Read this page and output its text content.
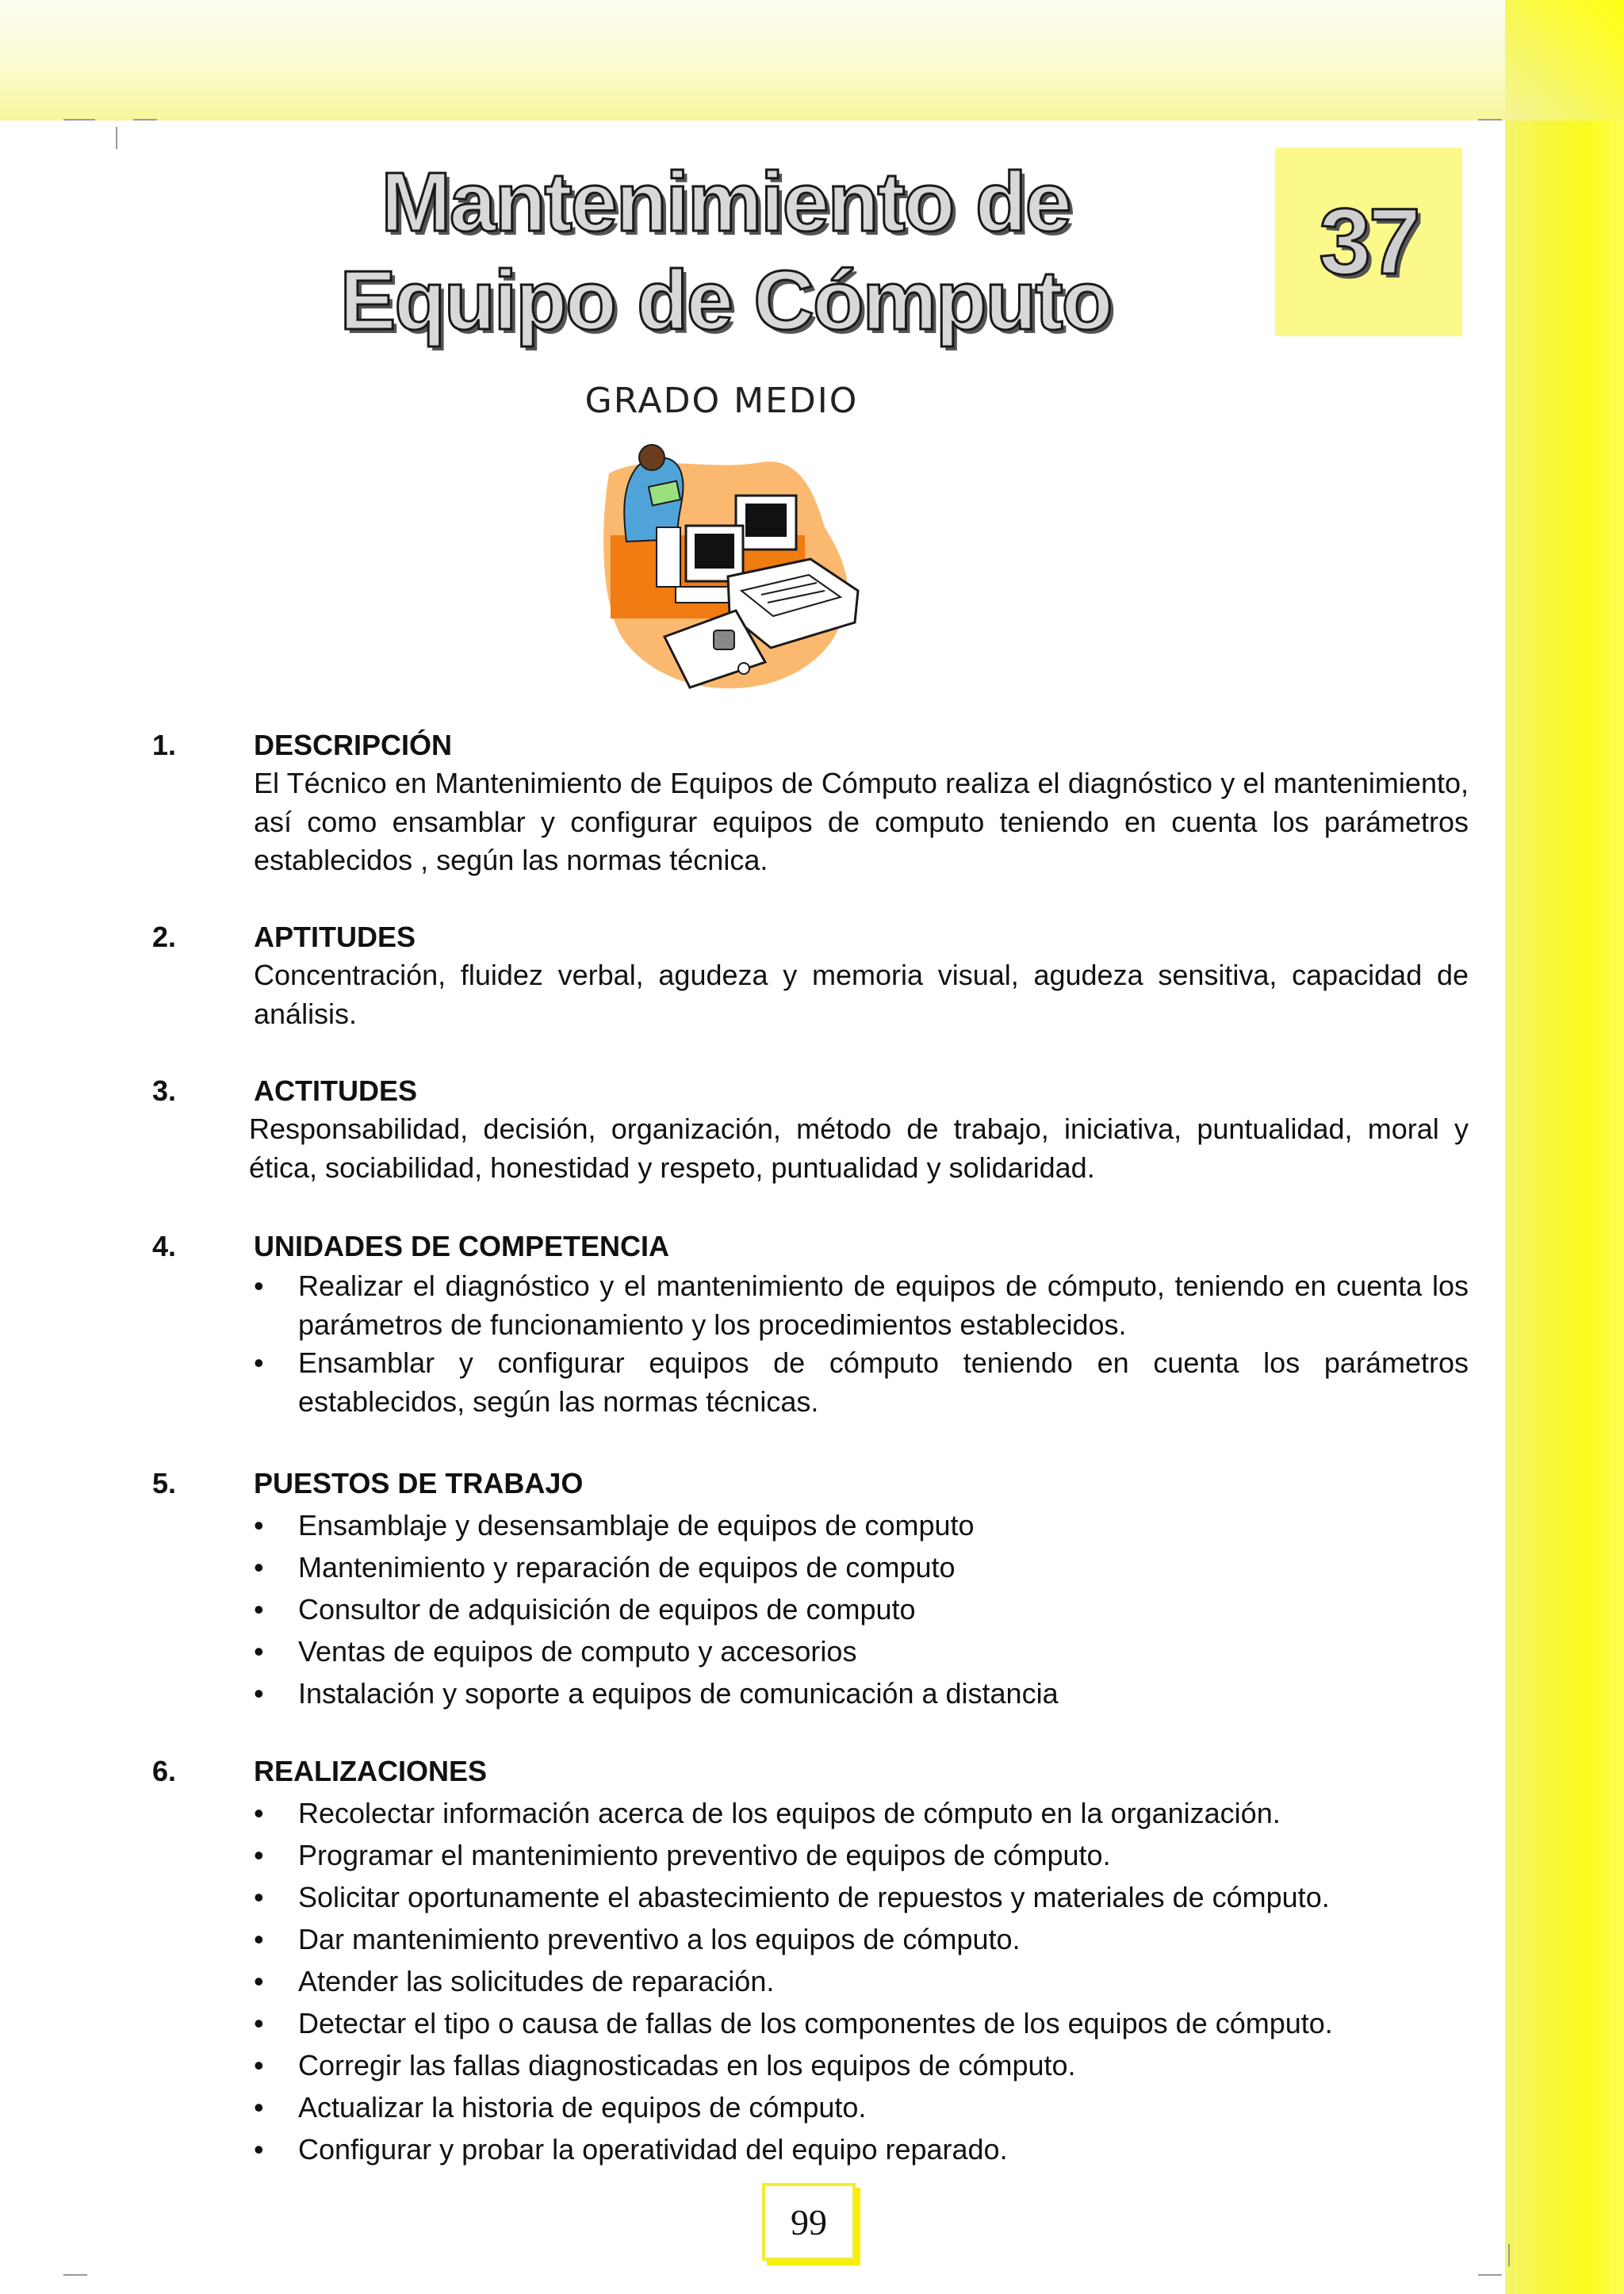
Mantenimiento de
Equipo de Cómputo
37
GRADO MEDIO
1.	DESCRIPCIÓN

El Técnico en Mantenimiento de Equipos de Cómputo realiza el diagnóstico y el mantenimiento, así como ensamblar y configurar equipos de computo teniendo en cuenta los parámetros establecidos , según las normas técnica.

2.	APTITUDES

Concentración, fluidez verbal, agudeza y memoria visual, agudeza sensitiva, capacidad de análisis.

3.	ACTITUDES

Responsabilidad, decisión, organización, método de trabajo, iniciativa, puntualidad, moral y ética, sociabilidad, honestidad y respeto, puntualidad y solidaridad.

4.	UNIDADES DE COMPETENCIA
• Realizar el diagnóstico y el mantenimiento de equipos de cómputo, teniendo en cuenta los parámetros de funcionamiento y los procedimientos establecidos.
• Ensamblar y configurar equipos de cómputo teniendo en cuenta los parámetros establecidos, según las normas técnicas.
5.	PUESTOS DE TRABAJO
• Ensamblaje y desensamblaje de equipos de computo
• Mantenimiento y reparación de equipos de computo
• Consultor de adquisición de equipos de computo
• Ventas de equipos de computo y accesorios
• Instalación y soporte a equipos de comunicación a distancia
6.	REALIZACIONES
• Recolectar información acerca de los equipos de cómputo en la organización.
• Programar el mantenimiento preventivo de equipos de cómputo.
• Solicitar oportunamente el abastecimiento de repuestos y materiales de cómputo.
• Dar mantenimiento preventivo a los equipos de cómputo.
• Atender las solicitudes de reparación.
• Detectar el tipo o causa de fallas de los componentes de los equipos de cómputo.
• Corregir las fallas diagnosticadas en los equipos de cómputo.
• Actualizar la historia de equipos de cómputo.
• Configurar y probar la operatividad del equipo reparado.
99
